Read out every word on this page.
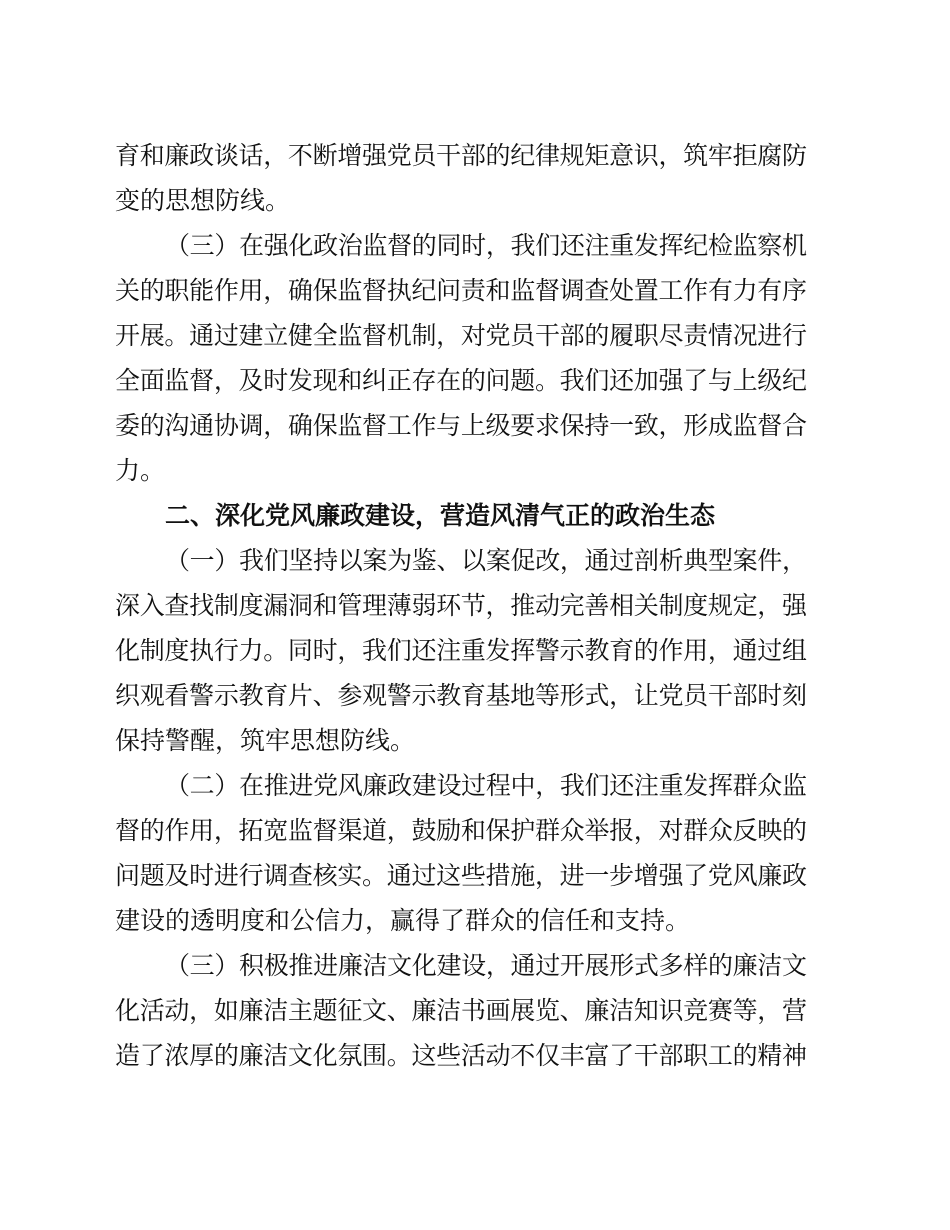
育和廉政谈话，不断增强党员干部的纪律规矩意识，筑牢拒腐防
变的思想防线。
（三）在强化政治监督的同时，我们还注重发挥纪检监察机
关的职能作用，确保监督执纪问责和监督调查处置工作有力有序
开展。通过建立健全监督机制，对党员干部的履职尽责情况进行
全面监督，及时发现和纠正存在的问题。我们还加强了与上级纪
委的沟通协调，确保监督工作与上级要求保持一致，形成监督合
力。
二、深化党风廉政建设，营造风清气正的政治生态
（一）我们坚持以案为鉴、以案促改，通过剖析典型案件，
深入查找制度漏洞和管理薄弱环节，推动完善相关制度规定，强
化制度执行力。同时，我们还注重发挥警示教育的作用，通过组
织观看警示教育片、参观警示教育基地等形式，让党员干部时刻
保持警醒，筑牢思想防线。
（二）在推进党风廉政建设过程中，我们还注重发挥群众监
督的作用，拓宽监督渠道，鼓励和保护群众举报，对群众反映的
问题及时进行调查核实。通过这些措施，进一步增强了党风廉政
建设的透明度和公信力，赢得了群众的信任和支持。
（三）积极推进廉洁文化建设，通过开展形式多样的廉洁文
化活动，如廉洁主题征文、廉洁书画展览、廉洁知识竞赛等，营
造了浓厚的廉洁文化氛围。这些活动不仅丰富了干部职工的精神
